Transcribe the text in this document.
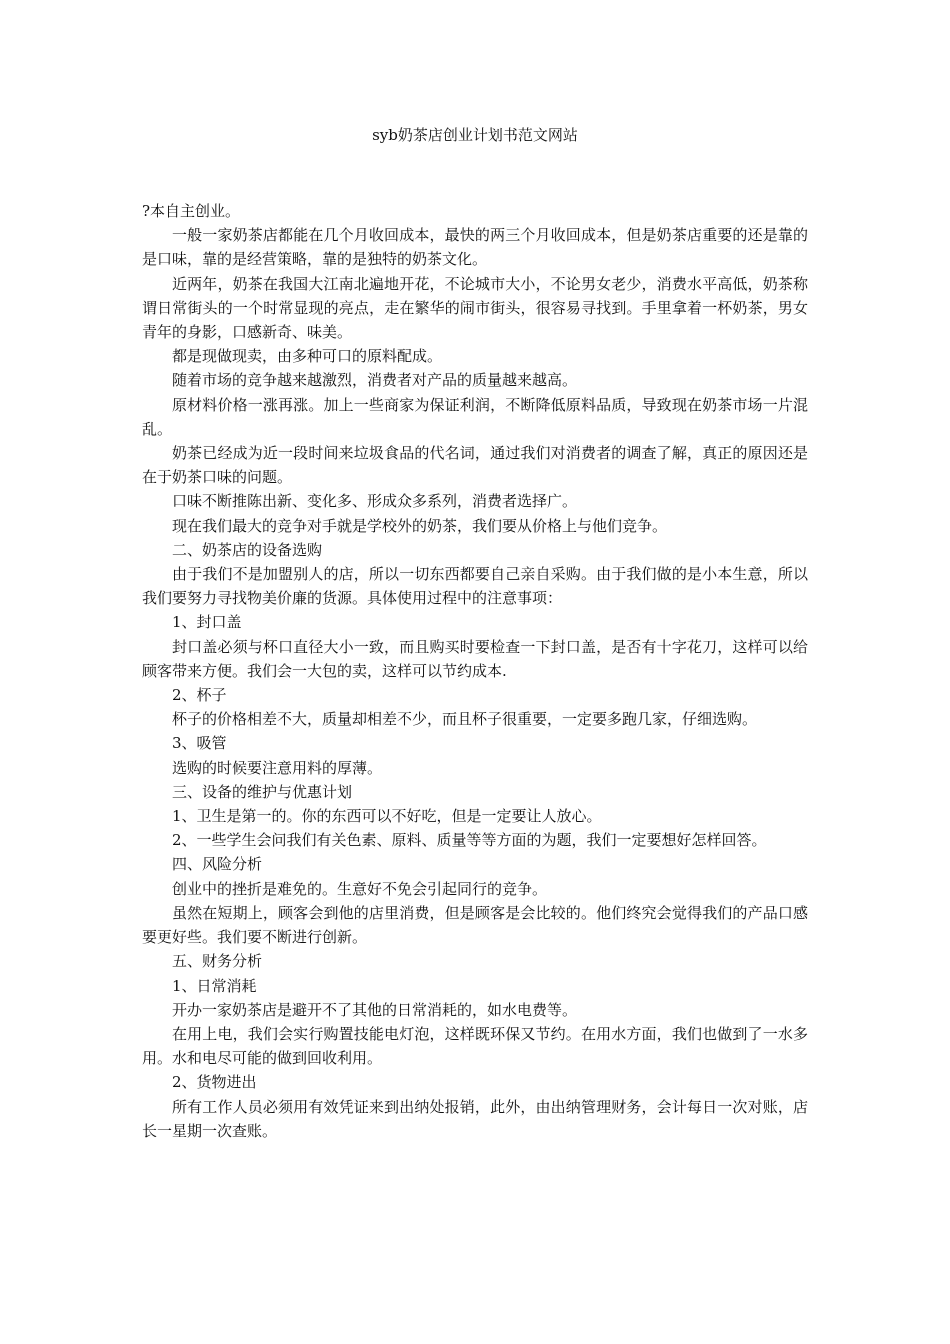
syb奶茶店创业计划书范文网站

?本自主创业。

一般一家奶茶店都能在几个月收回成本，最快的两三个月收回成本，但是奶茶店重要的还是靠的是口味，靠的是经营策略，靠的是独特的奶茶文化。

近两年，奶茶在我国大江南北遍地开花，不论城市大小，不论男女老少，消费水平高低，奶茶称谓日常街头的一个时常显现的亮点，走在繁华的闹市街头，很容易寻找到。手里拿着一杯奶茶，男女青年的身影，口感新奇、味美。

都是现做现卖，由多种可口的原料配成。

随着市场的竞争越来越激烈，消费者对产品的质量越来越高。

原材料价格一涨再涨。加上一些商家为保证利润，不断降低原料品质，导致现在奶茶市场一片混乱。

奶茶已经成为近一段时间来垃圾食品的代名词，通过我们对消费者的调查了解，真正的原因还是在于奶茶口味的问题。

口味不断推陈出新、变化多、形成众多系列，消费者选择广。

现在我们最大的竞争对手就是学校外的奶茶，我们要从价格上与他们竞争。

二、奶茶店的设备选购

由于我们不是加盟别人的店，所以一切东西都要自己亲自采购。由于我们做的是小本生意，所以我们要努力寻找物美价廉的货源。具体使用过程中的注意事项：

1、封口盖

封口盖必须与杯口直径大小一致，而且购买时要检查一下封口盖，是否有十字花刀，这样可以给顾客带来方便。我们会一大包的卖，这样可以节约成本.

2、杯子

杯子的价格相差不大，质量却相差不少，而且杯子很重要，一定要多跑几家，仔细选购。

3、吸管

选购的时候要注意用料的厚薄。

三、设备的维护与优惠计划

1、卫生是第一的。你的东西可以不好吃，但是一定要让人放心。

2、一些学生会问我们有关色素、原料、质量等等方面的为题，我们一定要想好怎样回答。

四、风险分析

创业中的挫折是难免的。生意好不免会引起同行的竞争。

虽然在短期上，顾客会到他的店里消费，但是顾客是会比较的。他们终究会觉得我们的产品口感要更好些。我们要不断进行创新。

五、财务分析

1、日常消耗

开办一家奶茶店是避开不了其他的日常消耗的，如水电费等。

在用上电，我们会实行购置技能电灯泡，这样既环保又节约。在用水方面，我们也做到了一水多用。水和电尽可能的做到回收利用。

2、货物进出

所有工作人员必须用有效凭证来到出纳处报销，此外，由出纳管理财务，会计每日一次对账，店长一星期一次查账。
